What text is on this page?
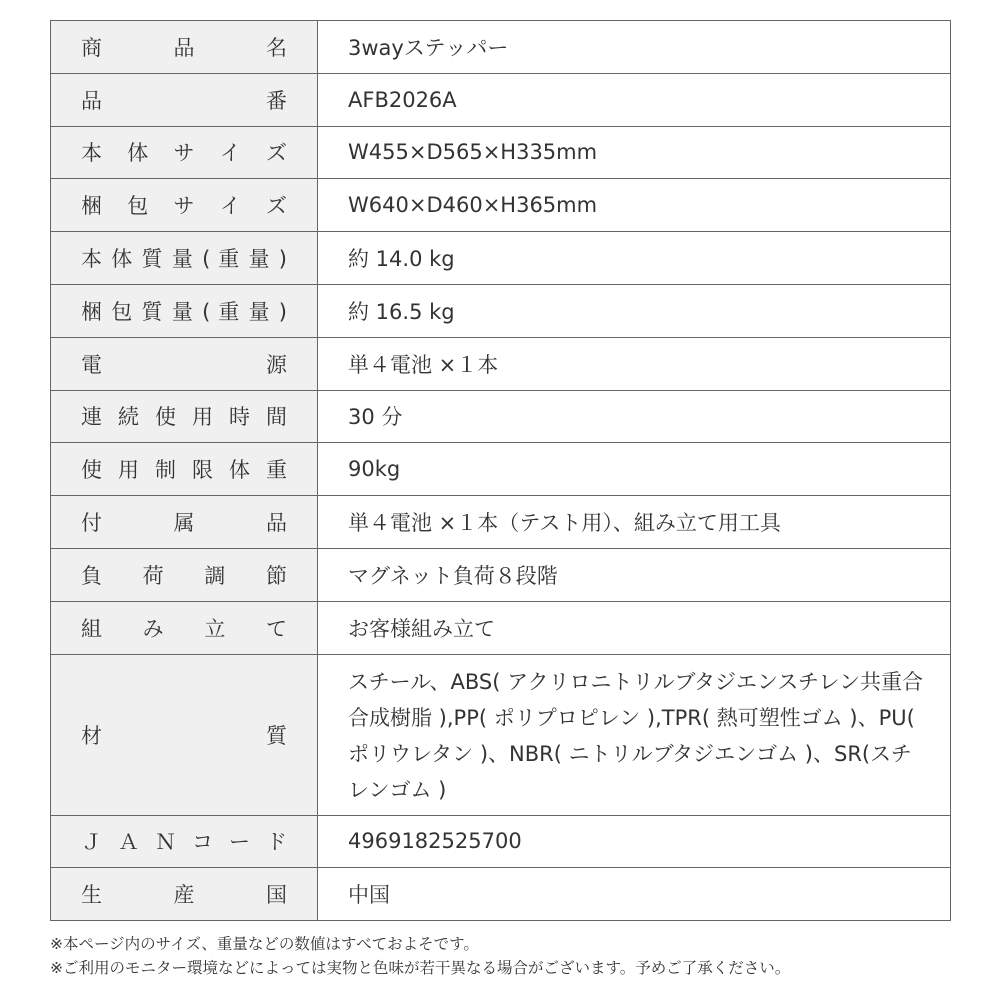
商 品 名	3wayステッパー

品 番	AFB2026A

本 体 サ イ ズ	W455×D565×H335mm

梱 包 サ イ ズ	W640×D460×H365mm

本 体 質 量 ( 重 量 )	約 14.0 kg

梱 包 質 量 ( 重 量 )	約 16.5 kg

電 源	単４電池 ×１本

連 続 使 用 時 間	30 分

使 用 制 限 体 重	90kg

付 属 品	単４電池 ×１本（テスト用）、組み立て用工具

負 荷 調 節	マグネット負荷８段階

組 み 立 て	お客様組み立て

材 質	スチール、ABS( アクリロニトリルブタジエンスチレン共重合合成樹脂 ),PP( ポリプロピレン ),TPR( 熱可塑性ゴム )、PU( ポリウレタン )、NBR( ニトリルブタジエンゴム )、SR(スチレンゴム )

Ｊ Ａ Ｎ コ ー ド	4969182525700

生 産 国	中国
※本ページ内のサイズ、重量などの数値はすべておよそです。
※ご利用のモニター環境などによっては実物と色味が若干異なる場合がございます。予めご了承ください。
